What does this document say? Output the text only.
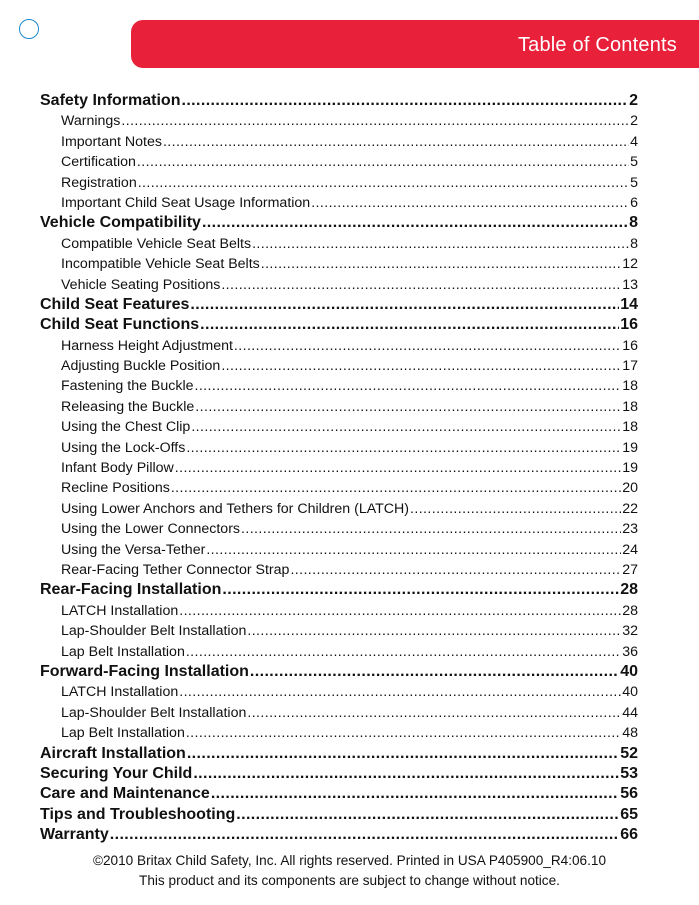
Table of Contents
Safety Information .....	2
Warnings .....	2
Important Notes .....	4
Certification .....	5
Registration .....	5
Important Child Seat Usage Information .....	6
Vehicle Compatibility .....	8
Compatible Vehicle Seat Belts .....	8
Incompatible Vehicle Seat Belts .....	12
Vehicle Seating Positions .....	13
Child Seat Features .....	14
Child Seat Functions .....	16
Harness Height Adjustment .....	16
Adjusting Buckle Position .....	17
Fastening the Buckle .....	18
Releasing the Buckle .....	18
Using the Chest Clip .....	18
Using the Lock-Offs .....	19
Infant Body Pillow .....	19
Recline Positions .....	20
Using Lower Anchors and Tethers for Children (LATCH) .....	22
Using the Lower Connectors .....	23
Using the Versa-Tether .....	24
Rear-Facing Tether Connector Strap .....	27
Rear-Facing Installation .....	28
LATCH Installation .....	28
Lap-Shoulder Belt Installation .....	32
Lap Belt Installation .....	36
Forward-Facing Installation .....	40
LATCH Installation .....	40
Lap-Shoulder Belt Installation .....	44
Lap Belt Installation .....	48
Aircraft Installation .....	52
Securing Your Child .....	53
Care and Maintenance .....	56
Tips and Troubleshooting .....	65
Warranty .....	66
©2010 Britax Child Safety, Inc. All rights reserved. Printed in USA P405900_R4:06.10
This product and its components are subject to change without notice.
